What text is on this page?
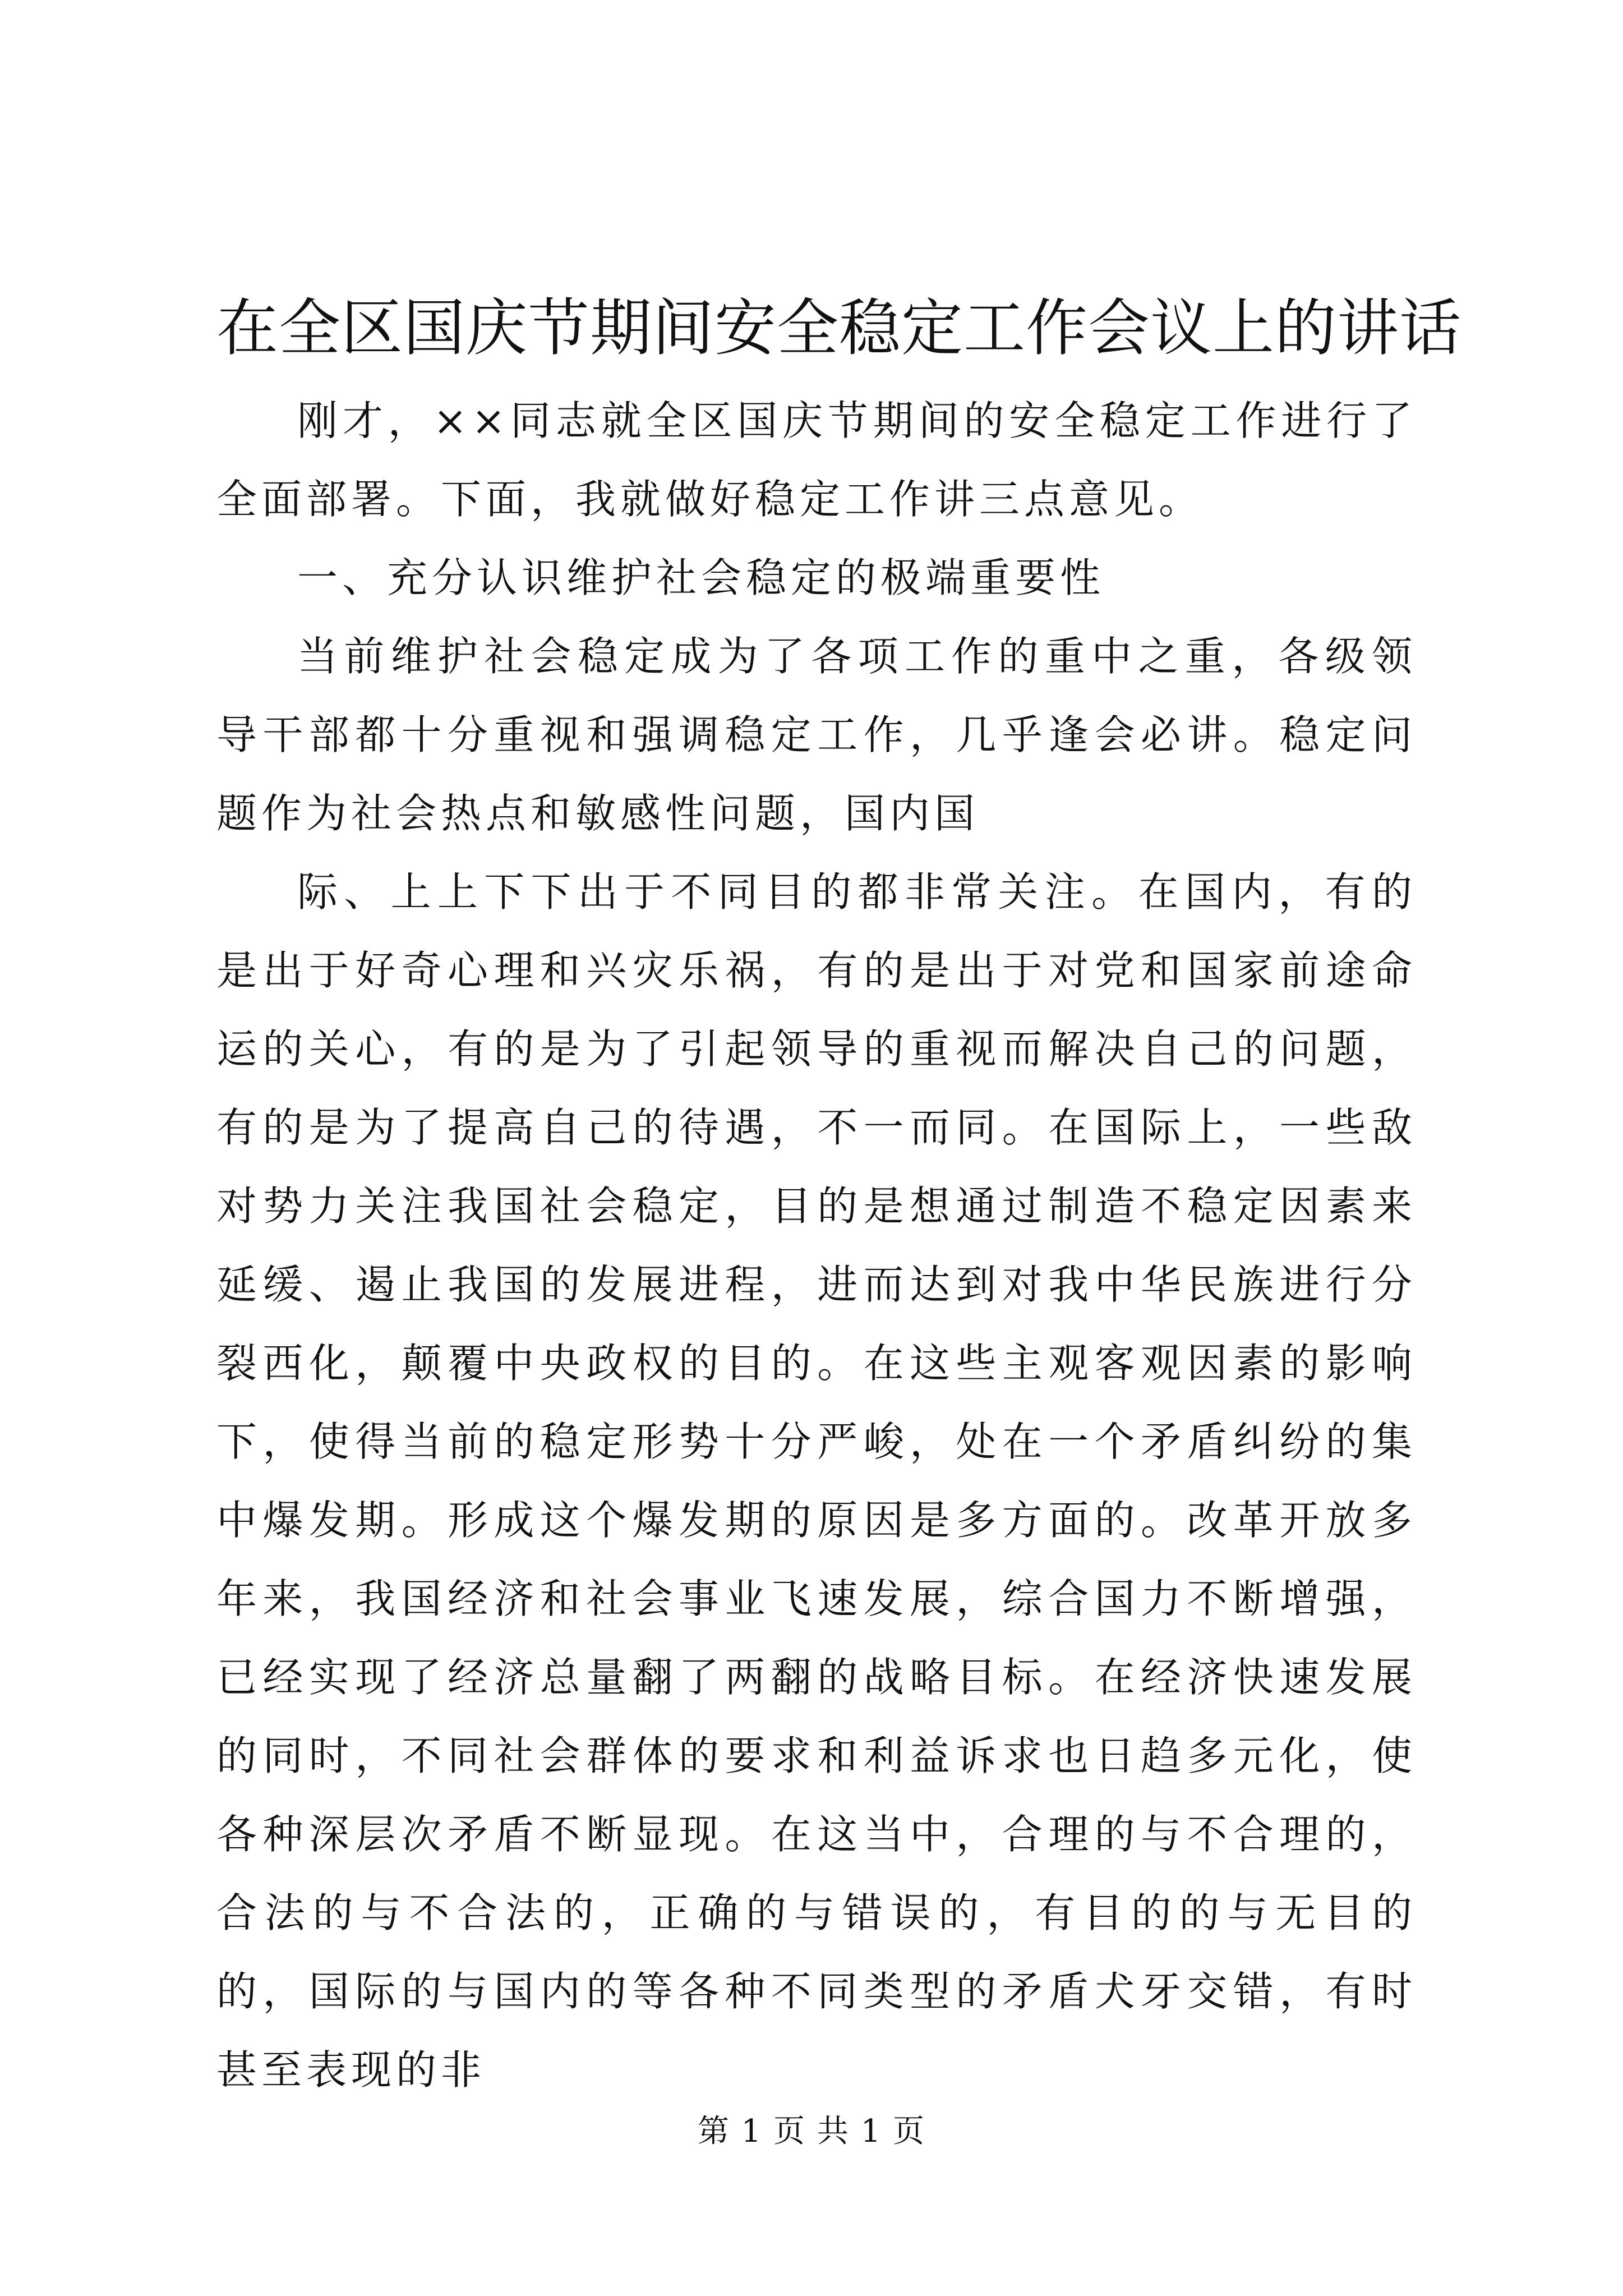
在全区国庆节期间安全稳定工作会议上的讲话

刚才，××同志就全区国庆节期间的安全稳定工作进行了全面部署。下面，我就做好稳定工作讲三点意见。

一、充分认识维护社会稳定的极端重要性

当前维护社会稳定成为了各项工作的重中之重，各级领导干部都十分重视和强调稳定工作，几乎逢会必讲。稳定问题作为社会热点和敏感性问题，国内国

际、上上下下出于不同目的都非常关注。在国内，有的是出于好奇心理和兴灾乐祸，有的是出于对党和国家前途命运的关心，有的是为了引起领导的重视而解决自己的问题，有的是为了提高自己的待遇，不一而同。在国际上，一些敌对势力关注我国社会稳定，目的是想通过制造不稳定因素来延缓、遏止我国的发展进程，进而达到对我中华民族进行分裂西化，颠覆中央政权的目的。在这些主观客观因素的影响下，使得当前的稳定形势十分严峻，处在一个矛盾纠纷的集中爆发期。形成这个爆发期的原因是多方面的。改革开放多年来，我国经济和社会事业飞速发展，综合国力不断增强，已经实现了经济总量翻了两翻的战略目标。在经济快速发展的同时，不同社会群体的要求和利益诉求也日趋多元化，使各种深层次矛盾不断显现。在这当中，合理的与不合理的，合法的与不合法的，正确的与错误的，有目的的与无目的的，国际的与国内的等各种不同类型的矛盾犬牙交错，有时甚至表现的非

第 1 页 共 1 页
